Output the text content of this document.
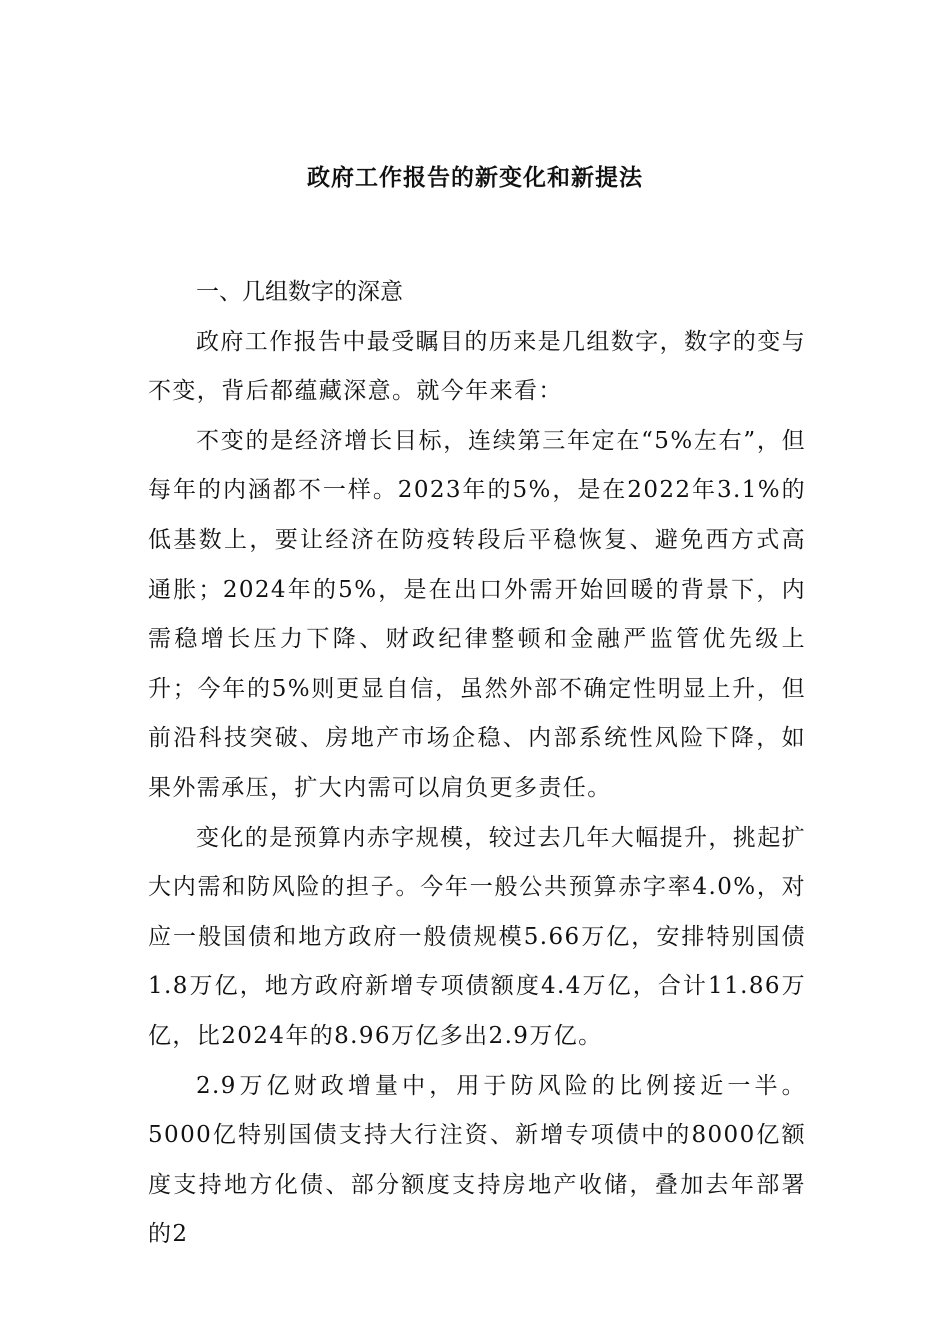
政府工作报告的新变化和新提法

一、几组数字的深意

政府工作报告中最受瞩目的历来是几组数字，数字的变与不变，背后都蕴藏深意。就今年来看：

不变的是经济增长目标，连续第三年定在“5%左右”，但每年的内涵都不一样。2023年的5%，是在2022年3.1%的低基数上，要让经济在防疫转段后平稳恢复、避免西方式高通胀；2024年的5%，是在出口外需开始回暖的背景下，内需稳增长压力下降、财政纪律整顿和金融严监管优先级上升；今年的5%则更显自信，虽然外部不确定性明显上升，但前沿科技突破、房地产市场企稳、内部系统性风险下降，如果外需承压，扩大内需可以肩负更多责任。

变化的是预算内赤字规模，较过去几年大幅提升，挑起扩大内需和防风险的担子。今年一般公共预算赤字率4.0%，对应一般国债和地方政府一般债规模5.66万亿，安排特别国债1.8万亿，地方政府新增专项债额度4.4万亿，合计11.86万亿，比2024年的8.96万亿多出2.9万亿。

2.9万亿财政增量中，用于防风险的比例接近一半。5000亿特别国债支持大行注资、新增专项债中的8000亿额度支持地方化债、部分额度支持房地产收储，叠加去年部署的2
